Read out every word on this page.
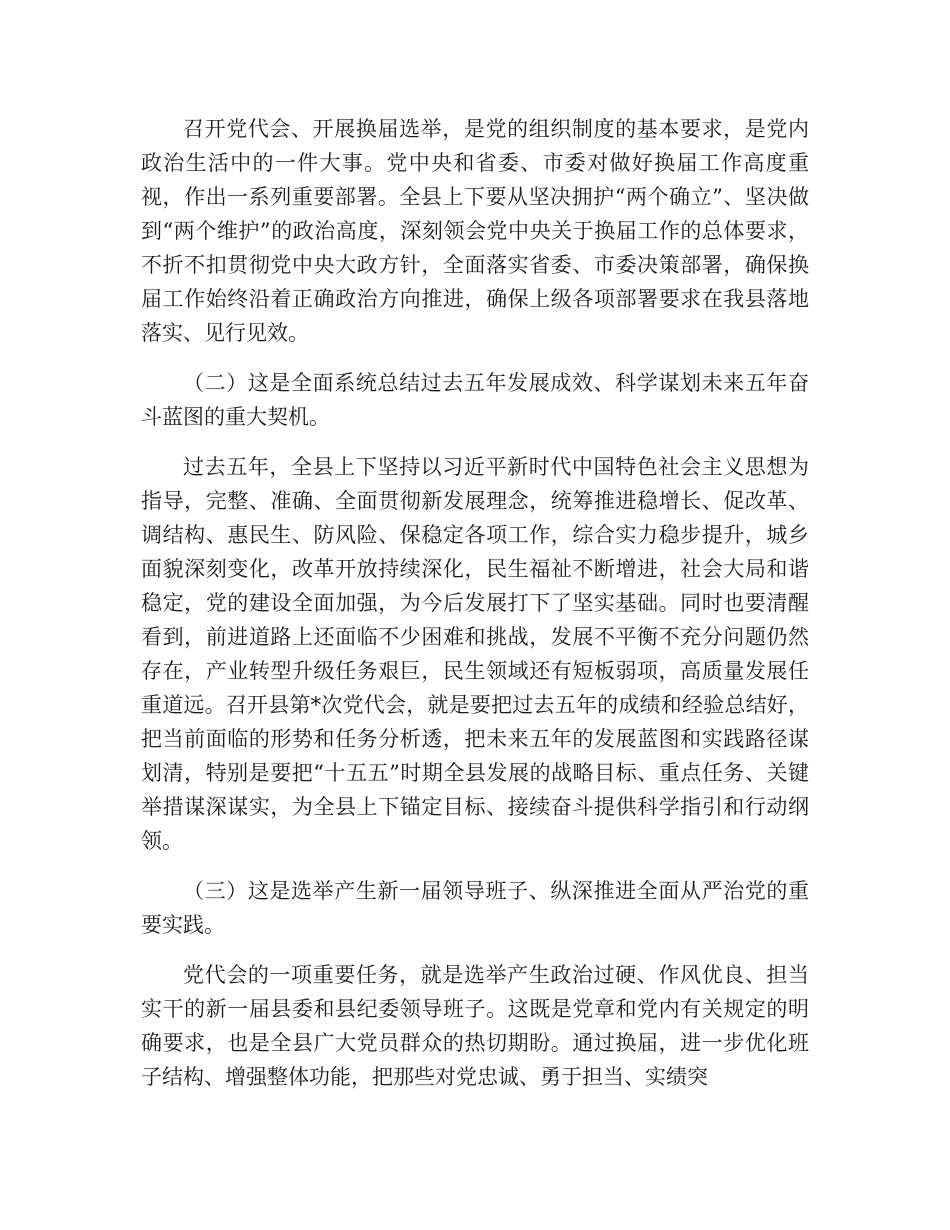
召开党代会、开展换届选举，是党的组织制度的基本要求，是党内政治生活中的一件大事。党中央和省委、市委对做好换届工作高度重视，作出一系列重要部署。全县上下要从坚决拥护“两个确立”、坚决做到“两个维护”的政治高度，深刻领会党中央关于换届工作的总体要求，不折不扣贯彻党中央大政方针，全面落实省委、市委决策部署，确保换届工作始终沿着正确政治方向推进，确保上级各项部署要求在我县落地落实、见行见效。

（二）这是全面系统总结过去五年发展成效、科学谋划未来五年奋斗蓝图的重大契机。

过去五年，全县上下坚持以习近平新时代中国特色社会主义思想为指导，完整、准确、全面贯彻新发展理念，统筹推进稳增长、促改革、调结构、惠民生、防风险、保稳定各项工作，综合实力稳步提升，城乡面貌深刻变化，改革开放持续深化，民生福祉不断增进，社会大局和谐稳定，党的建设全面加强，为今后发展打下了坚实基础。同时也要清醒看到，前进道路上还面临不少困难和挑战，发展不平衡不充分问题仍然存在，产业转型升级任务艰巨，民生领域还有短板弱项，高质量发展任重道远。召开县第*次党代会，就是要把过去五年的成绩和经验总结好，把当前面临的形势和任务分析透，把未来五年的发展蓝图和实践路径谋划清，特别是要把“十五五”时期全县发展的战略目标、重点任务、关键举措谋深谋实，为全县上下锚定目标、接续奋斗提供科学指引和行动纲领。

（三）这是选举产生新一届领导班子、纵深推进全面从严治党的重要实践。

党代会的一项重要任务，就是选举产生政治过硬、作风优良、担当实干的新一届县委和县纪委领导班子。这既是党章和党内有关规定的明确要求，也是全县广大党员群众的热切期盼。通过换届，进一步优化班子结构、增强整体功能，把那些对党忠诚、勇于担当、实绩突
